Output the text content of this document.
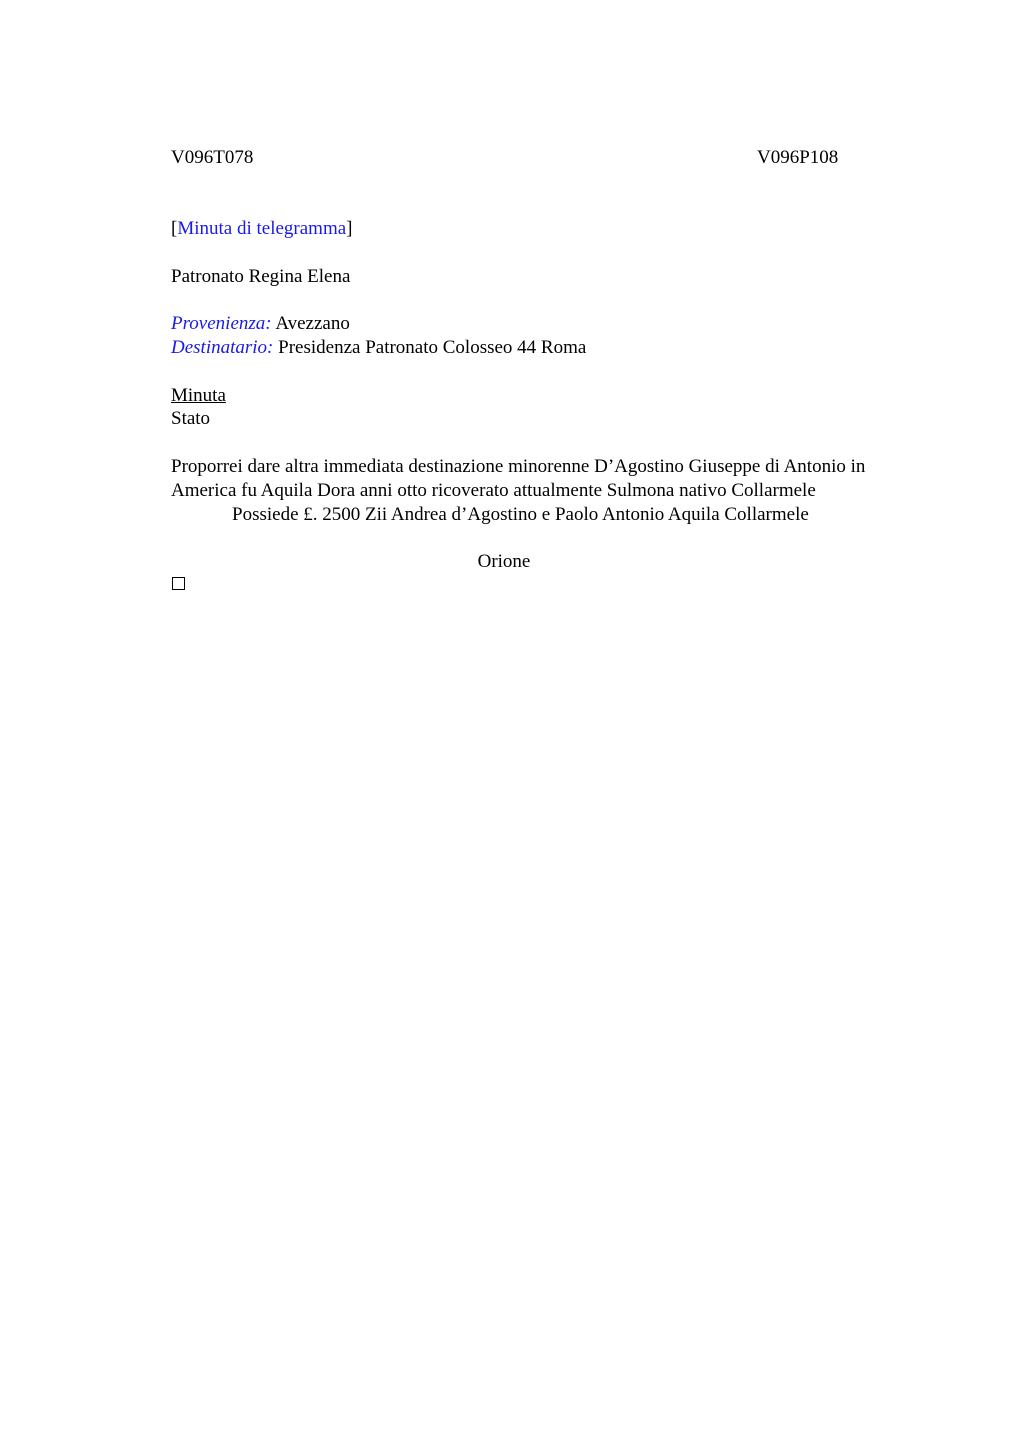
V096T078	V096P108
[Minuta di telegramma]
Patronato Regina Elena
Provenienza: Avezzano
Destinatario: Presidenza Patronato Colosseo 44 Roma
Minuta
Stato
Proporrei dare altra immediata destinazione minorenne D’Agostino Giuseppe di Antonio in
America fu Aquila Dora anni otto ricoverato attualmente Sulmona nativo Collarmele
Possiede £. 2500 Zii Andrea d’Agostino e Paolo Antonio Aquila Collarmele
Orione
